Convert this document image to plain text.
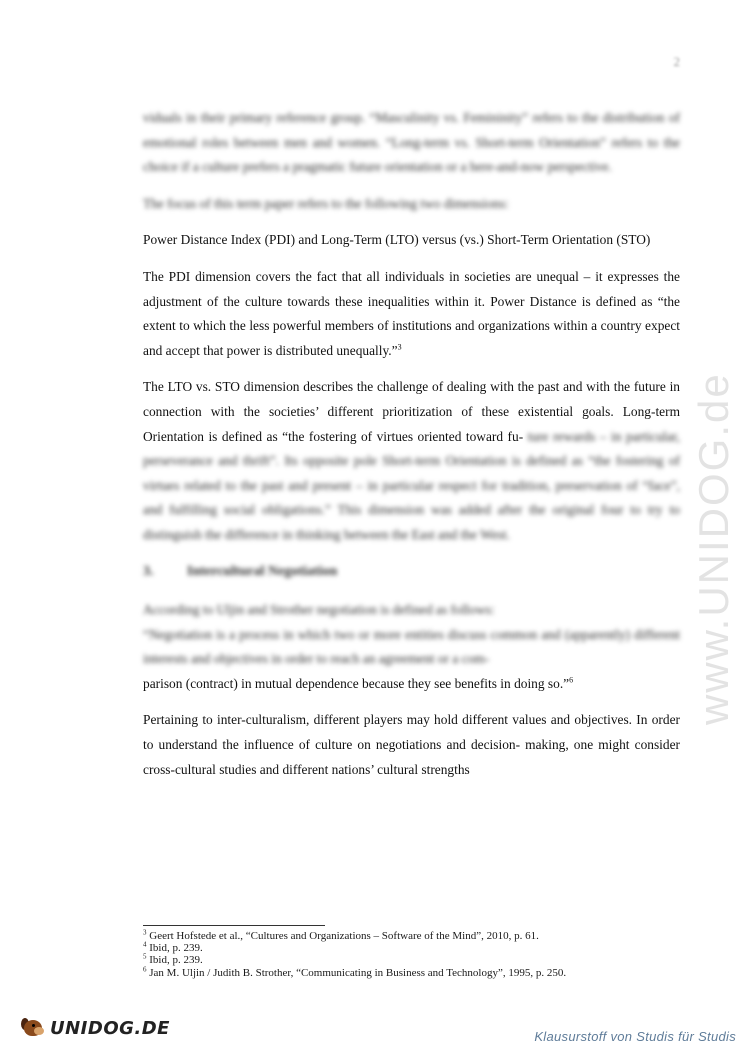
2
www.UNIDOG.de

viduals in their primary reference group. “Masculinity vs. Femininity” refers to the distribution of emotional roles between men and women. “Long-term vs. Short-term Orientation” refers to the choice if a culture prefers a pragmatic future orientation or a here-and-now perspective.

The focus of this term paper refers to the following two dimensions:

Power Distance Index (PDI) and Long-Term (LTO) versus (vs.) Short-Term Orientation (STO)

The PDI dimension covers the fact that all individuals in societies are unequal – it expresses the adjustment of the culture towards these inequalities within it. Power Distance is defined as “the extent to which the less powerful members of institutions and organizations within a country expect and accept that power is distributed unequally.”$^3$

The LTO vs. STO dimension describes the challenge of dealing with the past and with the future in connection with the societies’ different prioritization of these existential goals. Long-term Orientation is defined as “the fostering of virtues oriented toward fu- ture rewards – in particular, perseverance and thrift”. Its opposite pole Short-term Orientation is defined as “the fostering of virtues related to the past and present – in particular respect for tradition, preservation of “face”, and fulfilling social obligations.” This dimension was added after the original four to try to distinguish the difference in thinking between the East and the West.

3.	Intercultural Negotiation

According to Uljin and Strother negotiation is defined as follows:
“Negotiation is a process in which two or more entities discuss common and (apparently) different interests and objectives in order to reach an agreement or a com-
parison (contract) in mutual dependence because they see benefits in doing so.”$^6$

Pertaining to inter-culturalism, different players may hold different values and objectives. In order to understand the influence of culture on negotiations and decision- making, one might consider cross-cultural studies and different nations’ cultural strengths

$^3$ Geert Hofstede et al., “Cultures and Organizations – Software of the Mind”, 2010, p. 61.
$^4$ Ibid, p. 239.
$^5$ Ibid, p. 239.
$^6$ Jan M. Uljin / Judith B. Strother, “Communicating in Business and Technology”, 1995, p. 250.
UNIDOG.DE	Klausurstoff von Studis für Studis
